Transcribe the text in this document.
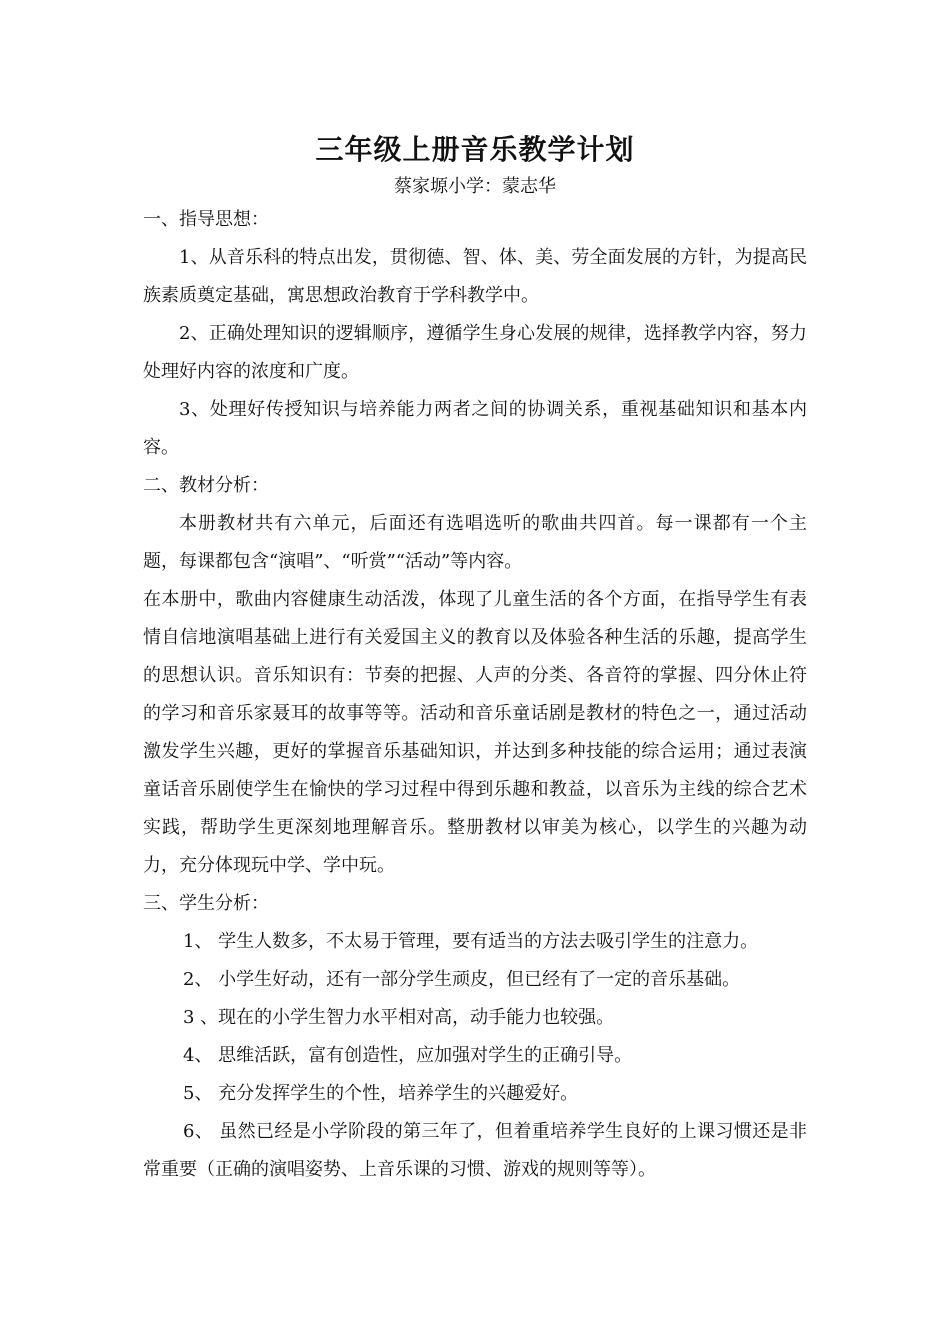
三年级上册音乐教学计划
蔡家塬小学：蒙志华

一、指导思想：

1、从音乐科的特点出发，贯彻德、智、体、美、劳全面发展的方针，为提高民族素质奠定基础，寓思想政治教育于学科教学中。

2、正确处理知识的逻辑顺序，遵循学生身心发展的规律，选择教学内容，努力处理好内容的浓度和广度。

3、处理好传授知识与培养能力两者之间的协调关系，重视基础知识和基本内容。

二、教材分析：

本册教材共有六单元，后面还有选唱选听的歌曲共四首。每一课都有一个主题，每课都包含“演唱”、“听赏”“活动”等内容。

在本册中，歌曲内容健康生动活泼，体现了儿童生活的各个方面，在指导学生有表情自信地演唱基础上进行有关爱国主义的教育以及体验各种生活的乐趣，提高学生的思想认识。音乐知识有：节奏的把握、人声的分类、各音符的掌握、四分休止符的学习和音乐家聂耳的故事等等。活动和音乐童话剧是教材的特色之一，通过活动激发学生兴趣，更好的掌握音乐基础知识，并达到多种技能的综合运用；通过表演童话音乐剧使学生在愉快的学习过程中得到乐趣和教益，以音乐为主线的综合艺术实践，帮助学生更深刻地理解音乐。整册教材以审美为核心，以学生的兴趣为动力，充分体现玩中学、学中玩。

三、学生分析：

1、 学生人数多，不太易于管理，要有适当的方法去吸引学生的注意力。

2、 小学生好动，还有一部分学生顽皮，但已经有了一定的音乐基础。

3 、现在的小学生智力水平相对高，动手能力也较强。

4、 思维活跃，富有创造性，应加强对学生的正确引导。

5、 充分发挥学生的个性，培养学生的兴趣爱好。

6、 虽然已经是小学阶段的第三年了，但着重培养学生良好的上课习惯还是非常重要（正确的演唱姿势、上音乐课的习惯、游戏的规则等等）。
